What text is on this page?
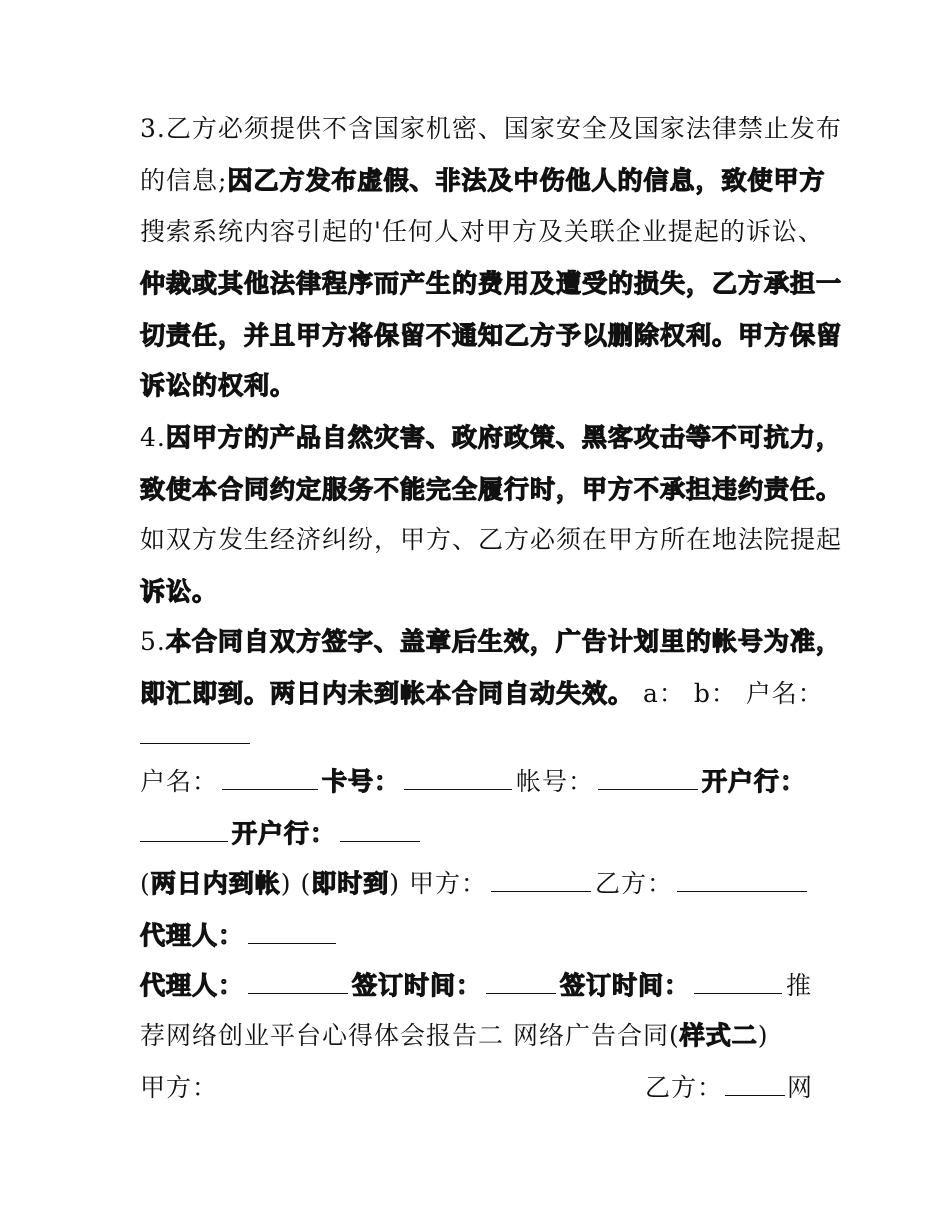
3.乙方必须提供不含国家机密、国家安全及国家法律禁止发布
的信息;因乙方发布虚假、非法及中伤他人的信息，致使甲方
搜索系统内容引起的'任何人对甲方及关联企业提起的诉讼、
仲裁或其他法律程序而产生的费用及遭受的损失，乙方承担一
切责任，并且甲方将保留不通知乙方予以删除权利。甲方保留
诉讼的权利。
4.因甲方的产品自然灾害、政府政策、黑客攻击等不可抗力，
致使本合同约定服务不能完全履行时，甲方不承担违约责任。
如双方发生经济纠纷，甲方、乙方必须在甲方所在地法院提起
诉讼。
5.本合同自双方签字、盖章后生效，广告计划里的帐号为准，
即汇即到。两日内未到帐本合同自动失效。 a： b： 户名：
户名：	卡号：	帐号：	开户行：
开户行：
(两日内到帐) (即时到) 甲方：	乙方：
代理人：
代理人：	签订时间：	签订时间：	推
荐网络创业平台心得体会报告二 网络广告合同(样式二)
甲方：	乙方：	网
